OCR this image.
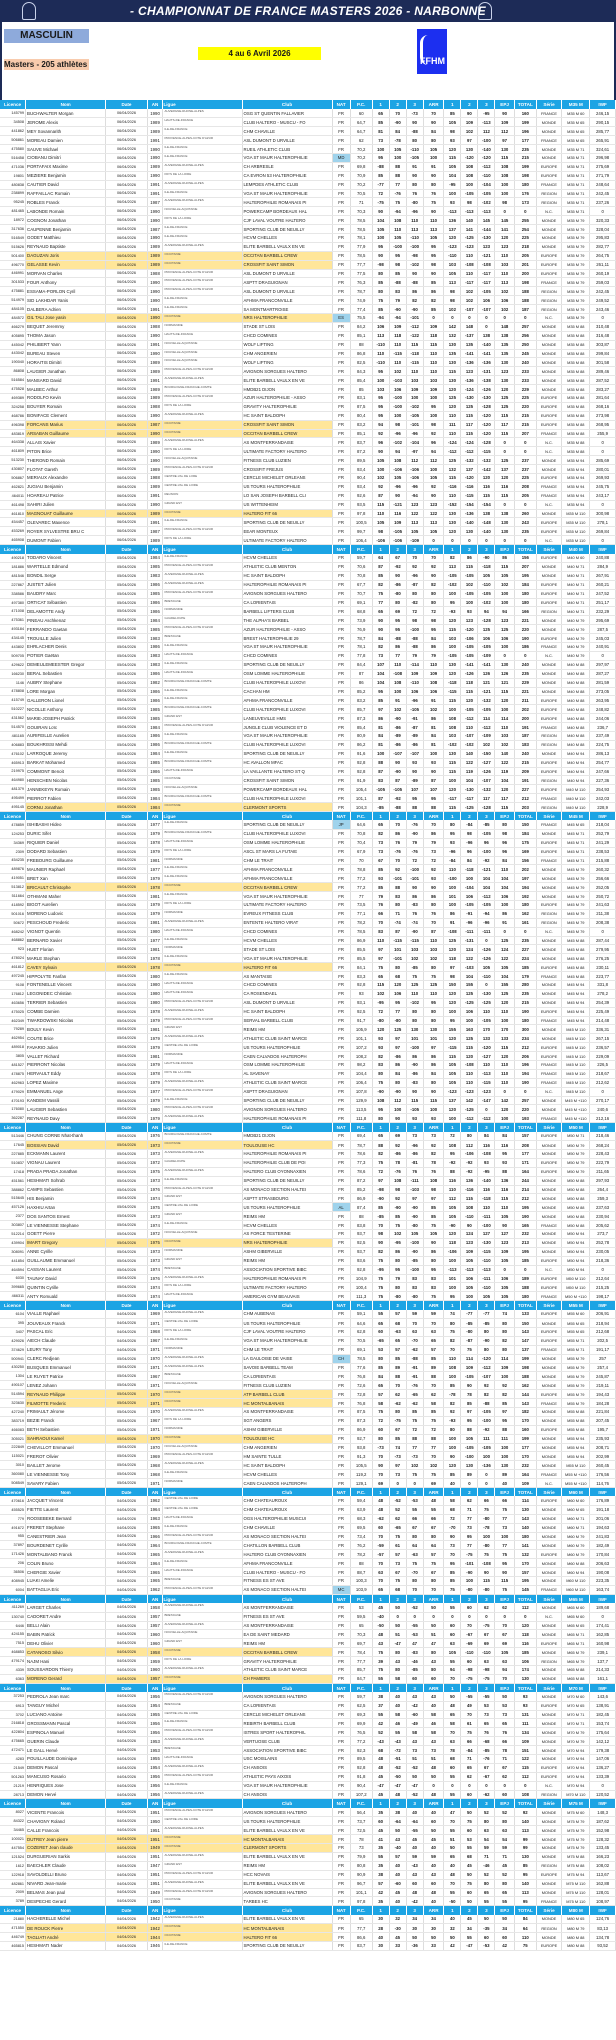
- CHAMPIONNAT DE FRANCE MASTERS 2026 - NARBONNE
MASCULIN
Masters - 205 athlètes
4 au 6 Avril 2026
FFHM
Licence	Nom	Date	AN	Ligue	Club	NAT	P.C.	1	2	3	ARR	1	2	3	EPJ	TOTAL	Série	M35 M	IWF
145799	BUCHWALTER Morgan	06/04/2026	1990	AUVERGNE-RHONE-ALPES	OSG ST QUENTIN FALLAVIER	FR	60	65	70	-73	70	85	90	-95	90	160	FRANCE	M35 M 60	246,15
34508	JEROME Alexis	06/04/2026	1989	HAUTS-DE-FRANCE	CLUB HALTERO - MUSCU - FO	FR	64,7	85	-90	90	90	105	109	-113	109	199	MONDE	M35 M 65	290,15
441862	MEY Sovannarith	06/04/2026	1989	ILE-DE-FRANCE	CHM CHAVILLE	FR	64,7	81	84	-88	84	98	102	112	112	196	MONDE	M35 M 65	285,77
506861	MOREAU Damien	06/04/2026	1991	PROVENCE-ALPES-COTE D'AZUR	ASL DUMONT D URVILLE	FR	62	73	-78	80	80	93	97	-100	97	177	FRANCE	M35 M 65	265,91
475580	SAUVE Michael	06/04/2026	1990	ILE-DE-FRANCE	RUEIL ATHLETIC CLUB	FR	70,2	100	105	-110	105	120	130	-140	130	235	MONDE	M35 M 71	324,61
516458	CIOBANU Dimitri	06/04/2026	1990	ILE-DE-FRANCE	VGA ST MAUR HALTEROPHILIE	MD	70,2	95	100	-105	100	115	-120	-120	115	215	MONDE	M35 M 71	296,98
471036	PORTAFAIX Maxime	06/04/2026	1989	AUVERGNE-RHONE-ALPES	CH ARBRESLE	FR	69,8	-88	88	91	91	105	108	-112	108	199	EUROPE	M35 M 71	275,69
19801	MEZIERE Benjamin	06/04/2026	1990	PAYS DE LA LOIRE	CA EVRON 53 HALTEROPHILIE	FR	70,9	85	88	90	90	104	108	-110	108	198	EUROPE	M35 M 71	271,79
480838	CAUTIER David	06/04/2026	1991	AUVERGNE-RHONE-ALPES	LEMPDES ATHLETIC CLUB	FR	70,2	-77	77	80	80	-95	100	-104	100	180	FRANCE	M35 M 71	248,64
238899	RAFFAILLAC Romain	06/04/2026	1991	ILE-DE-FRANCE	VGA ST MAUR HALTEROPHILIE	FR	70,5	72	-76	76	76	100	-105	-105	100	176	REGION	M35 M 71	242,45
95245	ROBLES Franck	06/04/2026	1987	AUVERGNE-RHONE-ALPES	HALTEROPHILIE ROMANAIS PI	FR	71	-75	75	-80	75	93	98	-102	98	173	REGION	M35 M 71	237,26
481465	LABONDE Romain	06/04/2026	1990	NOUVELLE-AQUITAINE	POWERCAMP BORDEAUX HAL	FR	70,3	90	-94	-96	90	-113	-113	-113	0	0	N.C.	M35 M 71	0
18972	COGNON Jonathan	06/04/2026	1990	PAYS DE LA LOIRE	CJF LAVAL VOUTRE HALTERO	FR	78,5	104	108	110	110	136	140	145	145	255	MONDE	M35 M 79	320,33
317636	CAUPENNE Benjamin	06/04/2026	1987	ILE-DE-FRANCE	SPORTING CLUB DE NEUILLY	FR	78,5	105	110	113	113	137	141	-144	141	254	MONDE	M35 M 79	328,04
516549	GODET Matthieu	06/04/2026	1990	ILE-DE-FRANCE	HCVM CHELLES	FR	78,1	100	105	-110	105	120	-125	-130	120	225	MONDE	M35 M 79	295,83
515626	REYNAUD Baptiste	06/04/2026	1989	AUVERGNE-RHONE-ALPES	ELITE BARBELL VAULX EN VE	FR	77,9	95	-100	-100	95	-123	-123	123	123	218	MONDE	M35 M 79	282,77
501400	DAGUZAN Joris	06/04/2026	1989	OCCITANIE	OCCITAN BARBELL CREW	FR	78,5	90	95	-98	95	-110	110	-121	110	205	EUROPE	M35 M 79	264,75
496770	GELASSE Kevin	06/04/2026	1989	OCCITANIE	CROSSFIT SAINT SIMON	FR	77,7	-98	98	-102	98	103	-108	-108	103	201	EUROPE	M35 M 79	261,11
446991	MORVAN Charles	06/04/2026	1988	PROVENCE-ALPES-COTE D'AZUR	ASL DUMONT D URVILLE	FR	77,5	80	85	90	90	105	110	-117	110	200	EUROPE	M35 M 79	260,19
301533	FOUR Anthony	06/04/2026	1990	PROVENCE-ALPES-COTE D'AZUR	ASPTT DRAGUIGNAN	FR	76,3	85	-88	-88	85	113	-117	-117	113	198	FRANCE	M35 M 79	259,03
475881	ESSAMA-PORLON Cyril	06/04/2026	1990	PROVENCE-ALPES-COTE D'AZUR	ASL DUMONT D URVILLE	FR	78,7	80	83	86	86	98	102	-105	102	188	REGION	M35 M 79	242,45
514979	SID LAKHDAR Yanis	06/04/2026	1990	ILE-DE-FRANCE	AFHMA FRANCONVILLE	FR	74,9	75	79	82	82	98	102	106	106	188	REGION	M35 M 79	249,52
484105	DALBERA Adrien	06/04/2026	1991	ILE-DE-FRANCE	SA MONTMARTROISE	FR	77,4	85	-90	-90	85	102	-107	-107	102	187	REGION	M35 M 79	243,46
484572	GIL TALI Jose yasin	06/04/2026	1990	OCCITANIE	NRS HALTEROPHILIE	ES	75,5	-94	-94	-101	0	0	0	0	0	0	N.C.	M35 M 79	0
466279	BEQUET Jeremmy	06/04/2026	1988	NORMANDIE	STADE ST LOIS	FR	84,2	106	109	-112	109	142	148	0	148	257	MONDE	M35 M 88	310,48
405895	THOMA Jason	06/04/2026	1990	HAUTS-DE-FRANCE	CHCD COMINES	FR	85,1	113	118	-122	118	132	-137	138	138	256	MONDE	M35 M 88	316,48
445042	PHILIBERT Yann	06/04/2026	1991	NOUVELLE-AQUITAINE	WOLF LIFTING	FR	88	-110	110	115	115	130	135	-140	135	250	MONDE	M35 M 88	303,87
443042	BUREAU Steven	06/04/2026	1990	NOUVELLE-AQUITAINE	CHM ANGERIEN	FR	86,8	110	-115	-118	110	135	-141	-141	135	245	MONDE	M35 M 88	299,84
190040	HORAITIS Dimitri	06/04/2026	1989	NOUVELLE-AQUITAINE	WOLF LIFTING	FR	82,5	-110	110	-115	110	130	-136	-136	130	240	MONDE	M35 M 88	301,58
86808	LAUGIER Jonathan	06/04/2026	1989	PROVENCE-ALPES-COTE D'AZUR	AVIGNON SORGUES HALTERO	FR	84,3	95	102	110	110	115	123	-131	123	233	MONDE	M35 M 88	289,46
516584	MANSARD David	06/04/2026	1991	AUVERGNE-RHONE-ALPES	ELITE BARBELL VAULX EN VE	FR	85,4	100	-103	103	103	130	-136	-138	130	233	MONDE	M35 M 88	287,52
475528	MALBEC Arthur	06/04/2026	1989	BOURGOGNE-FRANCHE-COMTE	HMDB21 DIJON	FR	85	103	106	109	109	120	-124	-126	120	229	MONDE	M35 M 88	283,27
469389	RODOLFO Kevin	06/04/2026	1989	PROVENCE-ALPES-COTE D'AZUR	AZUR HALTEROPHILIE - ASSO	FR	83,1	95	-100	100	100	125	-130	-130	125	225	EUROPE	M35 M 88	281,64
324258	BOUYER Romain	06/04/2026	1988	PAYS DE LA LOIRE	GRAVITY HALTEROPHILIE	FR	87,5	95	-100	-102	95	120	125	-128	125	220	EUROPE	M35 M 88	268,16
468786	BONIFACE Clement	06/04/2026	1990	AUVERGNE-RHONE-ALPES	HC SAINT BALDOPH	FR	80,4	95	100	-105	100	110	115	-120	115	215	EUROPE	M35 M 88	273,98
496398	FORCANS Marius	06/04/2026	1987	OCCITANIE	CROSSFIT SAINT SIMON	FR	83,2	94	98	-101	98	111	117	-120	117	215	EUROPE	M35 M 88	268,95
483819	ARSABAN Guillaume	06/04/2026	1990	OCCITANIE	OCCITAN BARBELL CREW	FR	85,1	92	-96	-96	92	110	115	-120	115	207	FRANCE	M35 M 88	255,9
464338	ALLAIS Xavier	06/04/2026	1989	AUVERGNE-RHONE-ALPES	AS MONTFERRANDAISE	FR	83,7	96	-102	-104	96	-124	-124	-128	0	0	N.C.	M35 M 88	0
461809	PITON Brice	06/04/2026	1990	PAYS DE LA LOIRE	ULTIMATE FACTORY HALTERO	FR	87,2	90	94	-97	94	-112	-112	-115	0	0	N.C.	M35 M 88	0
513230	THEROND Romain	06/04/2026	1990	NOUVELLE-AQUITAINE	FITNESS CLUB LUZIEN	FR	89,5	105	108	112	112	125	-132	-132	125	237	MONDE	M35 M 94	285,69
430807	FLOTAT Gareth	06/04/2026	1989	PROVENCE-ALPES-COTE D'AZUR	CROSSFIT FREJUS	FR	93,4	100	-106	-106	100	132	137	-142	137	237	MONDE	M35 M 94	280,01
506867	MERIAUX Alexandre	06/04/2026	1988	CENTRE-VAL DE LORE	CERCLE MICHELET ORLEANS	FR	90,4	102	105	-106	105	115	-120	120	120	225	EUROPE	M35 M 94	269,93
462821	JUGIAU Benjamin	06/04/2026	1989	CENTRE-VAL DE LOIRE	US TOURS HALTEROPHILIE	FR	93,4	92	-96	-96	92	-116	-116	116	116	208	FRANCE	M35 M 94	245,75
464011	HOAREAU Patrice	06/04/2026	1991	REUNION	LO SAN JOSEPH BARBELL CLI	FR	92,6	87	90	-94	90	110	-115	115	115	205	FRANCE	M35 M 94	243,17
461498	SAHIRI Julien	06/04/2026	1990	GRAND EST	US WITTENHEIM	FR	93,5	115	-121	123	123	-152	-154	-154	0	0	N.C.	M35 M 94	0
461810	MAGNOUAT Guillaume	06/04/2026	1989	OCCITANIE	HALTERO FIT 66	FR	97,8	110	116	122	122	130	-136	138	138	260	MONDE	M35 M 110	300,98
454457	OLEVAREC Maxence	06/04/2026	1991	ILE-DE-FRANCE	SPORTING CLUB DE NEUILLY	FR	100,5	105	109	113	113	130	-140	-148	130	243	EUROPE	M35 M 110	278,1
453269	ROYER SYLVESTRE BRU C	06/04/2026	1987	PROVENCE-ALPES-COTE D'AZUR	EEAR MONTEUX	FR	99,7	98	-105	105	105	120	130	-140	130	235	EUROPE	M35 M 110	269,84
465908	DUMONT Fabien	06/04/2026	1989	PAYS DE LA LOIRE	ULTIMATE FACTORY HALTERO	FR	106,4	-106	-106	-109	0	0	0	0	0	0	N.C.	M35 M 110	0
Licence	Nom	Date	AN	Ligue	Club	NAT	P.C.	1	2	3	ARR	1	2	3	EPJ	TOTAL	Série	M40 M	IWF
490218	TODARO Vincent	05/04/2026	1984	ILE-DE-FRANCE	HCVM CHELLES	FR	59,7	64	67	70	70	82	86	-90	86	156	EUROPE	M40 M 60	240,88
181886	WARTELLE Edmond	05/04/2026	1985	PROVENCE-ALPES-COTE D'AZUR	ATHLETIC CLUB MENTON	FR	70,6	87	-92	92	92	113	115	-118	115	207	MONDE	M40 M 71	284,9
481546	BONDIL Serge	05/04/2026	1983	AUVERGNE-RHONE-ALPES	HC SAINT BALDOPH	FR	70,8	85	90	-96	90	-105	-105	105	105	195	MONDE	M40 M 71	267,91
227867	JUSTET Julien	05/04/2026	1986	AUVERGNE-RHONE-ALPES	HALTEROPHILIE ROMANAIS PI	FR	67,7	82	-86	-87	82	-102	102	-110	102	184	EUROPE	M40 M 71	260,21
338586	BAUDRY Marc	05/04/2026	1985	PROVENCE-ALPES-COTE D'AZUR	AVIGNON SORGUES HALTERO	FR	70,7	75	-80	80	80	100	-105	-105	100	180	EUROPE	M40 M 71	247,52
497380	ORTICAT Sébastien	05/04/2026	1986	BRETAGNE	CA LORIENTAIS	FR	69,1	77	80	-82	80	95	100	-102	100	180	EUROPE	M40 M 71	251,17
471008	DELAMOTTE Andy	05/04/2026	1986	NORMANDIE	BARBELL LIFTERS CLUB	FR	68,8	65	69	72	72	-93	93	94	94	166	REGION	M40 M 71	232,29
475361	PINEAU Aschkenaz	05/04/2026	1984	GUADELOUPE	THE ALPHA'S BARBEL	FR	73,9	90	95	98	98	120	123	-128	123	221	MONDE	M40 M 79	295,69
493184	FERRANDO Gaetan	05/04/2026	1985	PROVENCE-ALPES-COTE D'AZUR	AZUR HALTEROPHILIE - ASSO	FR	76,9	90	95	-100	95	115	-120	125	125	220	MONDE	M40 M 79	287,5
434145	TROUILLE Julien	05/04/2026	1983	BRETAGNE	BREST HALTEROPHILIE 29	FR	78,7	84	-88	-88	84	103	-106	106	106	190	EUROPE	M40 M 79	245,03
443802	EHRLACHER Denis	05/04/2026	1986	ILE-DE-FRANCE	VGA ST MAUR HALTEROPHILIE	FR	78,1	82	86	-88	86	100	-105	-105	100	186	FRANCE	M40 M 79	240,91
509705	POTIER Gaëtan	05/04/2026	1983	HAUTS-DE-FRANCE	CHCD COMINES	FR	77,8	73	77	79	79	-105	-105	-109	0	0	N.C.	M40 M 79	0
429622	DEMEULEMEESTER Gregor	05/04/2026	1983	ILE-DE-FRANCE	SPORTING CLUB DE NEUILLY	FR	84,4	107	110	-114	110	130	-141	-141	130	240	MONDE	M40 M 88	297,97
166230	BERAL Sebastien	05/04/2026	1986	HAUTS-DE-FRANCE	OSM LOMME HALTEROPHILIE	FR	87	104	-108	109	109	120	-126	126	126	235	MONDE	M40 M 88	287,27
1146	AUBRY Stephane	05/04/2026	1982	BOURGOGNE-FRANCHE-COMTE	CLUB HALTEROPHILE LUXOVI	FR	86	104	108	-110	108	-118	118	121	121	229	MONDE	M40 M 88	281,59
478808	LORE Morgan	05/04/2026	1986	ILE-DE-FRANCE	CACHAN HM	FR	85,2	95	100	106	106	-115	115	-121	115	221	MONDE	M40 M 88	273,05
415749	GALLERON Lionel	05/04/2026	1986	ILE-DE-FRANCE	AFHMA FRANCONVILLE	FR	83,2	85	91	-96	91	115	120	-132	120	211	EUROPE	M40 M 88	263,95
510227	NICOLLE Anthony	05/04/2026	1985	BOURGOGNE-FRANCHE-COMTE	CLUB HALTEROPHILE LUXOVI	FR	85,7	97	102	-105	102	100	-105	-105	100	202	EUROPE	M40 M 88	248,82
431562	MARIE-JOSEPH Patrick	05/04/2026	1985	GRAND EST	LANEUVEVILLE HMS	FR	87,3	86	-90	-91	86	108	-112	114	114	200	EUROPE	M40 M 88	244,06
514570	GOUIRAN Loïc	05/04/2026	1984	PROVENCE-ALPES-COTE D'AZUR	JUNGLE CLUB VIOLENCE ET D	FR	85,4	81	-86	-87	81	108	110	-112	110	191	FRANCE	M40 M 88	236,7
481165	AURIFEILLE Aurelien	05/04/2026	1986	ILE-DE-FRANCE	VGA ST MAUR HALTEROPHILIE	FR	80,9	84	-89	-89	84	103	-107	-109	103	187	REGION	M40 M 88	237,49
406883	BOUKHRISSI Mehdi	05/04/2026	1986	BOURGOGNE-FRANCHE-COMTE	CLUB HALTEROPHILE LUXOVI	FR	86,2	81	-86	-86	81	-102	-102	102	102	183	REGION	M40 M 88	224,75
476102	LARROQUE Jeremy	05/04/2026	1984	ILE-DE-FRANCE	SPORTING CLUB DE NEUILLY	FR	91,6	100	-107	-107	100	130	140	-150	140	240	MONDE	M40 M 94	286,13
465913	BARKAT Mohamed	05/04/2026	1985	BOURGOGNE-FRANCHE-COMTE	HC AVALLON MFAC	FR	92,8	88	90	93	93	115	122	-127	122	215	EUROPE	M40 M 94	254,77
219975	COMMONT Benoit	05/04/2026	1986	HAUTS-DE-FRANCE	LA VAILLANTE HALTERO ST Q	FR	92,8	87	-90	90	90	115	119	-126	119	209	EUROPE	M40 M 94	247,66
464980	HENSCHEN Nicolas	05/04/2026	1985	OCCITANIE	CROSSFIT SAINT SIMON	FR	91,9	83	87	-89	87	100	104	-107	104	191	REGION	M40 M 94	227,36
481379	JANNEKEYN Romain	05/04/2026	1985	NOUVELLE-AQUITAINE	POWERCAMP BORDEAUX HAL	FR	105,4	-105	-105	107	107	120	-130	-132	120	227	EUROPE	M40 M 110	254,93
495499	PIERROT Fabien	05/04/2026	1984	BOURGOGNE-FRANCHE-COMTE	CLUB HALTEROPHILE LUXOVI	FR	101,1	87	-92	95	95	-117	-117	117	117	212	FRANCE	M40 M 110	242,03
495145	CORNU Jonathan	05/04/2026	1984	OCCITANIE	CLERMONT SPORTS	FR	104,3	-85	-88	88	88	115	-125	-128	115	203	REGION	M40 M 110	228,9
Licence	Nom	Date	AN	Ligue	Club	NAT	P.C.	1	2	3	ARR	1	2	3	EPJ	TOTAL	Série	M45 M	IWF
478859	ISHIBASHI Hideo	05/04/2026	1977	ILE-DE-FRANCE	SPORTING CLUB DE NEUILLY	JP	64,6	65	70	-76	70	80	-84	-85	80	150	FRANCE	M45 M 65	218,04
124253	DURIC Sifet	05/04/2026	1979	BOURGOGNE-FRANCHE-COMTE	CLUB HALTEROPHILE LUXOVI	FR	70,8	82	86	-90	86	95	98	-105	98	184	MONDE	M45 M 71	252,79
34369	RIQUIER Daniel	05/04/2026	1978	HAUTS-DE-FRANCE	OSM LOMME HALTEROPHILIE	FR	70,4	73	76	79	79	93	-96	96	96	175	EUROPE	M45 M 71	241,29
2309	DODARD Sebastien	05/04/2026	1979	PAYS DE LA LOIRE	ASCL ST MARS LA FUTAIE	FR	67,9	73	-76	-76	73	-96	96	-100	96	169	EUROPE	M45 M 71	238,53
454235	FREBOURG Guillaume	05/04/2026	1981	NORMANDIE	CHM LE TRAIT	FR	70	67	70	72	72	-84	84	-92	84	156	FRANCE	M45 M 71	215,88
489876	MAUNIER Raphaël	05/04/2026	1977	ILE-DE-FRANCE	AFHMA FRANCONVILLE	FR	78,8	85	92	-100	92	110	-118	-121	110	202	MONDE	M45 M 79	260,32
419051	BRET Xan	05/04/2026	1979	ILE-DE-FRANCE	AFHMA FRANCONVILLE	FR	77,2	93	-101	-101	93	-100	100	104	104	197	MONDE	M45 M 79	256,66
513812	BRICAULT Christophe	05/04/2026	1978	OCCITANIE	OCCITAN BARBELL CREW	FR	77,2	85	88	90	90	100	-104	104	104	194	MONDE	M45 M 79	252,05
511664	OTHMANI Maher	05/04/2026	1981	ILE-DE-FRANCE	VGA ST MAUR HALTEROPHILIE	FR	77	79	83	86	86	101	106	-112	106	192	MONDE	M45 M 79	250,72
418592	BIGOT Aurelien	05/04/2026	1979	PAYS DE LA LOIRE	ULTIMATE FACTORY HALTERO	FR	73,5	76	80	-83	80	100	-105	-105	100	180	EUROPE	M45 M 79	241,63
501016	MORENO Ludovic	05/04/2026	1979	NORMANDIE	EVREUX FITNESS CLUB	FR	77,1	66	71	76	76	86	-91	-94	86	162	REGION	M45 M 79	211,38
50672	PESCHOUD Frederic	05/04/2026	1981	AUVERGNE-RHONE-ALPES	ENTENTE HALTERO VIRAT	FR	78,2	70	-74	-74	70	91	-96	-96	91	161	REGION	M45 M 79	208,38
468242	VIGNOT Quentin	05/04/2026	1980	HAUTS-DE-FRANCE	CHCD COMINES	FR	78,5	83	87	-90	87	-108	-111	-111	0	0	N.C.	M45 M 79	0
468862	BERNARD Xavier	05/04/2026	1977	ILE-DE-FRANCE	HCVM CHELLES	FR	86,9	110	-115	-115	110	125	-131	0	125	235	MONDE	M45 M 88	287,44
923	HUET Florian	05/04/2026	1981	NORMANDIE	STADE ST LOIS	FR	85,5	97	101	103	103	120	124	-126	124	227	MONDE	M45 M 88	279,95
478024	MARLE Stephan	05/04/2026	1978	ILE-DE-FRANCE	VGA ST MAUR HALTEROPHILIE	FR	85,5	97	-101	102	102	118	122	-126	122	224	MONDE	M45 M 88	276,25
461812	CAVEY Sylvain	05/04/2026	1978	OCCITANIE	HALTERO FIT 66	FR	84,1	75	80	-85	80	97	-103	105	105	185	EUROPE	M45 M 88	230,11
497245	HIPPOLYTE Fanfan	05/04/2026	1980	ILE-DE-FRANCE	AS MANTAISE	FR	83,3	65	68	75	75	98	104	-110	104	179	FRANCE	M45 M 88	223,77
9108	FONTENELLE Vincent	05/04/2026	1980	HAUTS-DE-FRANCE	CHCD COMINES	FR	92,8	115	120	125	125	150	155	0	155	280	MONDE	M45 M 94	331,8
176812	LEGONIDEC Christian	05/04/2026	1980	HAUTS-DE-FRANCE	CA ROSENDAEL	FR	93	102	106	110	110	120	125	-130	125	235	MONDE	M45 M 94	278,2
463656	TERRIER Sebastien	05/04/2026	1980	PROVENCE-ALPES-COTE D'AZUR	ASL DUMONT D URVILLE	FR	93,1	-95	95	-102	95	120	-125	-125	120	215	MONDE	M45 M 94	254,39
475025	COMBE Damien	05/04/2026	1978	AUVERGNE-RHONE-ALPES	HC SAINT BALDOPH	FR	92,5	72	77	80	80	100	106	110	110	190	EUROPE	M45 M 94	225,49
462349	TWARDOWSKI Nicolas	05/04/2026	1979	PROVENCE-ALPES-COTE D'AZUR	SERVAL BARBELL CLUB	FR	91,7	-80	-80	80	80	95	100	-105	100	180	FRANCE	M45 M 94	214,48
79289	BOULY Kevin	05/04/2026	1981	GRAND EST	REIMS HM	FR	105,9	120	125	130	130	155	163	170	170	300	MONDE	M45 M 110	336,31
462954	COUTE Brice	05/04/2026	1979	AUVERGNE-RHONE-ALPES	ATHLETIC CLUB SAINT MARCE	FR	101,1	93	97	101	101	120	125	133	133	234	MONDE	M45 M 110	267,15
489018	FAVARIO Julien	05/04/2026	1979	CENTRE-VAL DE LOIRE	US TOURS HALTEROPHILIE	FR	107,2	93	97	-100	97	-115	115	-120	115	212	EUROPE	M45 M 110	236,57
3805	VALLET Richard	05/04/2026	1981	NORMANDIE	CAEN CALVADOS HALTEROPH	FR	108,2	82	-86	86	86	115	120	-127	120	206	EUROPE	M45 M 110	229,09
481527	PIERRONT Nicolas	05/04/2026	1979	HAUTS-DE-FRANCE	OSM LOMME HALTEROPHILIE	FR	98,2	83	86	-90	86	105	-108	110	110	196	FRANCE	M45 M 110	226,5
478875	HERVAULT Eddy	05/04/2026	1978	PAYS DE LA LOIRE	AL SAVENAY	FR	104,4	80	84	-86	84	105	110	-113	110	194	FRANCE	M45 M 110	218,67
462963	LOPEZ Maxime	05/04/2026	1979	AUVERGNE-RHONE-ALPES	ATHLETIC CLUB SAINT MARCE	FR	106,4	75	80	-83	80	105	110	-115	110	190	FRANCE	M45 M 110	212,62
479029	EMMANUEL Ange	05/04/2026	1977	PROVENCE-ALPES-COTE D'AZUR	ASPTT DRAGUIGNAN	FR	107,8	-90	-90	90	90	-123	-123	-123	0	0	N.C.	M45 M 110	0
470193	KANDEM Vassili	05/04/2026	1979	ILE-DE-FRANCE	SPORTING CLUB DE NEUILLY	FR	129,9	108	112	115	115	137	142	-147	142	257	MONDE	M45 M +110	270,17
176080	LAUGIER Sebastien	05/04/2026	1980	PROVENCE-ALPES-COTE D'AZUR	AVIGNON SORGUES HALTERO	FR	113,5	95	100	-105	100	120	-125	0	120	220	MONDE	M45 M +110	240,6
362287	REYNAUD Davy	05/04/2026	1979	AUVERGNE-RHONE-ALPES	HALTEROPHILIE ROMANAIS PI	FR	111,8	80	90	93	93	100	-112	-112	100	193	FRANCE	M45 M +110	212,16
Licence	Nom	Date	AN	Ligue	Club	NAT	P.C.	1	2	3	ARR	1	2	3	EPJ	TOTAL	Série	M50 M	IWF
513446	CHUNG CORNE Nhat-thanh	05/04/2026	1976	BOURGOGNE-FRANCHE-COMTE	HMDB21 DIJON	FR	69,4	65	69	73	73	72	80	84	84	157	EUROPE	M50 M 71	218,46
17645	BOSSIAN David	05/04/2026	1973	OCCITANIE	TOULOUSE HC	FR	78,7	88	92	-96	92	108	112	116	116	208	MONDE	M50 M 79	268,24
227885	ECKMANN Laurent	05/04/2026	1973	AUVERGNE-RHONE-ALPES	HALTEROPHILIE ROMANAIS PI	FR	78,6	82	-86	-86	82	95	-106	-108	95	177	MONDE	M50 M 79	228,43
510837	VIGNAU Laurent	05/04/2026	1972	GUADELOUPE	HALTEROPHILIE CLUB DE POI	FR	77,3	75	78	-81	78	-92	-92	93	93	171	EUROPE	M50 M 79	222,79
17418	PRADA PRADA Jonathan	05/04/2026	1975	AUVERGNE-RHONE-ALPES	HALTERO CLUB OYONNAXIEN	FR	78,6	72	-76	76	76	88	-92	-95	88	164	EUROPE	M50 M 79	211,65
451561	HESHMATI Sohrab	05/04/2026	1973	ILE-DE-FRANCE	SPORTING CLUB DE NEUILLY	FR	87,2	97	108	-111	108	116	136	-140	136	244	MONDE	M50 M 88	297,93
388862	CAMPS Sebastien	05/04/2026	1976	PROVENCE-ALPES-COTE D'AZUR	AS MONACO SECTION HALTEI	FR	85,2	-98	98	-103	98	110	-116	116	116	214	MONDE	M50 M 88	264,4
515645	HIS Benjamin	05/04/2026	1974	GRAND EST	ASPTT STRASBOURG	FR	86,9	-90	92	97	97	112	115	-118	115	212	MONDE	M50 M 88	259,3
457126	HAXHIU Artan	05/04/2026	1975	CENTRE-VAL DE LOIRE	US TOURS HALTEROPHILIE	AL	87,4	85	-90	-90	85	105	108	110	110	195	MONDE	M50 M 88	237,63
2377	DOS SANTOS Ernest	05/04/2026	1973	GRAND EST	REIMS HM	FR	88	-85	85	-90	85	105	-110	-111	105	190	MONDE	M50 M 88	230,94
303807	LE VIENNESSE Stephane	05/04/2026	1974	ILE-DE-FRANCE	HCVM CHELLES	FR	83,8	70	75	-80	75	-90	90	-100	90	165	FRANCE	M50 M 88	205,62
512214	GOETT Pierre	05/04/2026	1972	NOUVELLE-AQUITAINE	AS FORCE TESTERINE	FR	93,7	98	102	105	105	120	124	127	127	232	MONDE	M50 M 94	273,7
439904	IMART Gregory	05/04/2026	1975	OCCITANIE	NRS HALTEROPHILIE	FR	92,5	90	-95	-100	90	118	123	-130	123	213	MONDE	M50 M 94	252,78
308091	ANNE Cyrille	05/04/2026	1973	NORMANDIE	ASHM GIBERVILLE	FR	93,7	82	86	-90	86	-106	109	-115	109	195	MONDE	M50 M 94	230,05
441854	GUILLAUME Emmanuel	05/04/2026	1973	GRAND EST	REIMS HM	FR	93,6	75	80	-85	80	100	105	-110	105	185	EUROPE	M50 M 94	218,36
464594	CASSAN Laurent	05/04/2026	1974	BRETAGNE	ASSOCIATION SPORTIVE BIBC	FR	92,8	-95	95	-100	95	-113	-113	-113	0	0	N.C.	M50 M 94	0
6030	TAUNAY David	05/04/2026	1976	AUVERGNE-RHONE-ALPES	HALTEROPHILIE ROMANAIS PI	FR	104,9	75	79	83	83	101	106	-111	106	189	EUROPE	M50 M 110	212,64
399665	QUINTIN Cyrille	05/04/2026	1974	PAYS DE LA LOIRE	ULTIMATE FACTORY HALTERO	FR	100,4	75	80	83	83	100	105	-110	105	188	EUROPE	M50 M 110	215,25
466311	ANTY Romuald	05/04/2026	1974	HAUTS-DE-FRANCE	AMERICAN GYM BEAUVAIS	FR	111,3	75	-80	-80	75	95	100	105	105	180	FRANCE	M50 M +110	198,17
Licence	Nom	Date	AN	Ligue	Club	NAT	P.C.	1	2	3	ARR	1	2	3	EPJ	TOTAL	Série	M55 M	IWF
6104	VIALLE Raphael	04/04/2026	1969	AUVERGNE-RHONE-ALPES	CHM AUBENAS	FR	59,1	55	57	59	59	74	-77	-77	74	133	EUROPE	M55 M 60	206,91
395	JOUVEAUX Franck	04/04/2026	1971	CENTRE-VAL DE LOIRE	US TOURS HALTEROPHILIE	FR	64,6	65	68	70	70	80	-85	-85	80	150	MONDE	M55 M 65	218,94
3407	PASCAL Eric	04/04/2026	1968	PAYS DE LA LOIRE	CJF LAVAL VOUTRE HALTERO	FR	62,8	60	-63	63	63	75	-80	80	80	143	EUROPE	M55 M 65	212,68
429026	AIECH Claude	04/04/2026	1967	ILE-DE-FRANCE	VGA ST MAUR HALTEROPHILIE	FR	70,5	-65	65	-70	65	82	-87	-90	82	147	EUROPE	M55 M 71	202,5
374629	LEURY Tony	04/04/2026	1971	NORMANDIE	CHM LE TRAIT	FR	69,1	53	57	-62	57	70	75	80	80	137	FRANCE	M55 M 71	191,17
500941	CLERC Redjean	05/04/2026	1970	AUVERGNE-RHONE-ALPES	LA GAULOISE DE VAISE	CH	78,5	80	85	-88	85	110	114	-120	114	199	MONDE	M55 M 79	257
430250	BUSQUES Emmanuel	05/04/2026	1971	AUVERGNE-RHONE-ALPES	SAVOIE BARBELL TEAM	FR	77,6	85	89	-91	89	108	109	-112	109	198	MONDE	M55 M 79	257,4
1304	LE RUYET Patrice	05/04/2026	1967	BRETAGNE	CA LORIENTAIS	FR	76,8	84	88	-91	88	100	-105	-107	100	188	MONDE	M55 M 79	245,87
490107	LENEZ Johann	05/04/2026	1971	NOUVELLE-AQUITAINE	FITNESS CLUB LUZIEN	FR	72,6	65	70	-76	70	85	90	92	92	162	MONDE	M55 M 79	219,11
514594	REYNAUD Philippe	05/04/2026	1970	OCCITANIE	ATP BARBELL CLUB	FR	72,8	57	62	-65	62	-78	78	82	82	144	EUROPE	M55 M 79	194,43
323630	FILMOTTE Frederic	05/04/2026	1971	OCCITANIE	HC MONTALBANAIS	FR	76,8	58	-62	-62	58	82	85	-88	85	143	FRANCE	M55 M 79	184,28
427240	FRIMAULT Jérome	05/04/2026	1970	AUVERGNE-RHONE-ALPES	AS MONTFERRANDAISE	FR	87,5	75	80	85	85	92	97	-105	97	182	MONDE	M55 M 88	221,84
383719	BEZIE Franck	05/04/2026	1967	PAYS DE LA LOIRE	SGT ANGERS	FR	87,3	72	-75	75	75	-93	95	-100	95	170	MONDE	M55 M 88	207,45
466083	BETH Sebastien	05/04/2026	1971	NORMANDIE	ASHM GIBERVILLE	FR	86,9	60	67	72	72	80	88	-92	88	160	EUROPE	M55 M 88	195,7
305021	SAHRAOUI Kamel	05/04/2026	1970	OCCITANIE	TOULOUSE HC	FR	92,7	80	85	88	88	100	105	111	111	199	MONDE	M55 M 94	235,93
222849	CHEVILLOT Emmanuel	05/04/2026	1970	NOUVELLE-AQUITAINE	CHM ANGERIEN	FR	93,8	-73	74	77	77	100	-105	-105	100	177	MONDE	M55 M 94	208,71
115021	FREROT Olivier	05/04/2026	1969	PROVENCE-ALPES-COTE D'AZUR	HM SAINTE TULLE	FR	91,3	70	-73	-73	70	90	-100	100	100	170	MONDE	M55 M 94	202,99
3010	BAILLET Jerome	05/04/2026	1968	AUVERGNE-RHONE-ALPES	HC SAINT BALDOPH	FR	105,5	90	97	102	102	120	130	-136	130	232	MONDE	M55 M 110	260,45
360080	LE VIENNESSE Tony	05/04/2026	1968	ILE-DE-FRANCE	HCVM CHELLES	FR	119,2	70	73	75	75	85	89	0	89	164	FRANCE	M55 M +110	176,56
508549	SAVARY Fabien	05/04/2026	1971	NORMANDIE	CAEN CALVADOS HALTEROPH	FR	129,1	69	0	0	69	40	0	0	40	109	N.C.	M55 M +110	114,76
Licence	Nom	Date	AN	Ligue	Club	NAT	P.C.	1	2	3	ARR	1	2	3	EPJ	TOTAL	Série	M60 M	IWF
470616	JACQUET Vincent	04/04/2026	1962	CENTRE-VAL DE LOIRE	CHM CHATEAUROUX	FR	59,4	48	-52	-53	48	58	62	66	66	114	EUROPE	M60 M 60	176,89
455525	FIETTE Laurent	04/04/2026	1964	CENTRE-VAL DE LOIRE	CHM CHATEAUROUX	FR	63,9	48	52	55	55	68	71	75	75	130	MONDE	M60 M 65	191,18
779	ROOSEBEKE Bernard	04/04/2026	1963	HAUTS-DE-FRANCE	OGS HALTEROPHILIE MUSCUI	FR	68,3	-62	62	66	66	72	77	-80	77	143	MONDE	M60 M 71	201,06
491672	FRERET Stephane	04/04/2026	1965	ILE-DE-FRANCE	CHM CHAVILLE	FR	69,5	60	-65	67	67	-70	73	-78	73	140	MONDE	M60 M 71	194,63
955	CANESTRIER Jean	04/04/2026	1966	PROVENCE-ALPES-COTE D'AZUR	AS MONACO SECTION HALTEI	FR	73,4	70	75	80	80	90	95	100	100	180	MONDE	M60 M 79	241,83
37897	BOURDENET Cyrille	04/04/2026	1964	BOURGOGNE-FRANCHE-COMTE	CHATILLON BARBELL CLUB	FR	76,2	-59	61	64	64	73	77	-80	77	141	MONDE	M60 M 79	182,49
171426	MONTALBANO Franck	04/04/2026	1965	AUVERGNE-RHONE-ALPES	HALTERO CLUB OYONNAXIEN	FR	78,2	-57	57	-63	57	70	-75	75	75	132	EUROPE	M60 M 79	170,84
206	COLIN Bruno	04/04/2026	1964	ILE-DE-FRANCE	AFHMA FRANCONVILLE	FR	88	70	73	75	75	95	-101	-108	95	170	MONDE	M60 M 88	206,63
36506	CHERGIE Xavier	04/04/2026	1965	HAUTS-DE-FRANCE	CLUB HALTERO - MUSCU - FO	FR	88,7	63	67	-70	67	85	-90	90	90	157	MONDE	M60 M 94	190,08
408945	LUAKI Amelie	04/04/2026	1965	BRETAGNE	FITNESS ES ST AVE	FR	100,3	70	75	80	80	85	100	115	115	195	MONDE	M60 M 110	223,35
6004	BATTAGLIA Eric	04/04/2026	1962	PROVENCE-ALPES-COTE D'AZUR	AS MONACO SECTION HALTEI	MC	103,9	65	68	70	70	75	-80	-80	75	145	FRANCE	M60 M 110	163,74
Licence	Nom	Date	AN	Ligue	Club	NAT	P.C.	1	2	3	ARR	1	2	3	EPJ	TOTAL	Série	M65 M	IWF
411269	LARGET Charles	04/04/2026	1958	AUVERGNE-RHONE-ALPES	AS MONTFERRANDAISE	FR	53	45	50	-52	50	55	60	62	62	112	MONDE	M65 M 60	189,68
130740	CADORET Andre	04/04/2026	1957	BRETAGNE	FITNESS ES ST AVE	FR	59,5	-40	0	0	0	0	0	0	0	0	N.C.	M65 M 60	0
6446	BELLI Alain	04/04/2026	1957	AUVERGNE-RHONE-ALPES	AS MONTFERRANDAISE	FR	65	-50	50	-55	50	60	70	-75	70	120	MONDE	M65 M 65	174,41
424155	BABIN Patrick	04/04/2026	1960	NOUVELLE-AQUITAINE	EA DE SAINT MEDARD	FR	70,3	48	51	-53	51	60	-67	67	67	118	MONDE	M65 M 71	162,85
7515	DEHU Olivier	04/04/2026	1960	GRAND EST	REIMS HM	FR	69,7	43	-47	47	47	63	-69	69	69	116	EUROPE	M65 M 71	160,98
468853	CATANOSO Silvio	04/04/2026	1958	OCCITANIE	OCCITAN BARBELL CREW	FR	78,4	75	80	-83	80	105	-110	-110	105	185	MONDE	M65 M 79	239,1
479174	NAJM Hani	04/04/2026	1959	PAYS DE LA LOIRE	GRAVITY HALTEROPHILIE	FR	77,7	39	43	-46	43	55	60	63	63	106	REGION	M65 M 79	137,7
4339	SOUSSARDON Thierry	04/04/2026	1960	AUVERGNE-RHONE-ALPES	ATHLETIC CLUB SAINT MARCE	FR	85,7	75	80	-85	80	94	-98	-98	94	174	MONDE	M65 M 88	214,33
6363	MORENO Gerard	04/04/2026	1957	OCCITANIE	CH PAMIERS	FR	84,7	55	58	60	60	70	-75	-75	70	130	MONDE	M65 M 88	161,1
Licence	Nom	Date	AN	Ligue	Club	NAT	P.C.	1	2	3	ARR	1	2	3	EPJ	TOTAL	Série	M70 M	IWF
37253	PEDROLA Jean marc	04/04/2026	1956	PROVENCE-ALPES-COTE D'AZUR	AVIGNON SORGUES HALTERO	FR	59,7	38	40	43	43	50	-55	-55	50	93	MONDE	M70 M 60	143,6
6913	TANGUY Michel	04/04/2026	1954	BRETAGNE	CA LORIENTAIS	FR	62,5	37	40	-42	40	48	49	53	53	93	EUROPE	M70 M 65	138,91
3702	LUCIANO Antoine	04/04/2026	1955	CENTRE-VAL DE LOIRE	CERCLE MICHELET ORLEANS	FR	69,3	55	58	-60	58	65	70	73	73	131	MONDE	M70 M 71	182,45
216818	GROSSMANN Pascal	04/04/2026	1956	ILE-DE-FRANCE	REBIRTH BARBELL CLUB	FR	69,9	42	46	-49	46	58	61	65	65	111	MONDE	M70 M 71	153,74
422804	ESPINOLA Manuel	04/04/2026	1956	PROVENCE-ALPES-COTE D'AZUR	ISTRES SPORT HALTEROPHIL	FR	76,5	52	55	58	58	70	75	76	76	134	MONDE	M70 M 79	175,64
475665	GUERIN Claude	04/04/2026	1953	AUVERGNE-RHONE-ALPES	VERTUOSE CLUB	FR	77,2	-43	-43	43	43	63	66	-68	66	109	MONDE	M70 M 79	142,12
472471	LE GALL Hervé	04/04/2026	1953	BRETAGNE	ASSOCIATION SPORTIVE BIBC	FR	92,3	68	-72	73	73	78	-84	-85	78	151	MONDE	M70 M 94	179,38
4283	POUILLAUDE Dominique	04/04/2026	1955	HAUTS-DE-FRANCE	USC MOISLAINS	FR	89,5	48	-51	51	51	68	71	-76	71	122	MONDE	M70 M 94	147,06
21549	DEMON Pascal	04/04/2026	1954	AUVERGNE-RHONE-ALPES	CH ANSOIS	FR	92,8	48	-52	-52	48	60	65	67	67	115	EUROPE	M70 M 94	136,27
501263	MANCUSO Rosario	04/04/2026	1956	PROVENCE-ALPES-COTE D'AZUR	ATHLETIC PAYS AIXOIS	FR	91,8	45	-50	50	50	55	62	-67	62	112	EUROPE	M70 M 94	133,39
21219	HENRIQUES Jose	04/04/2026	1956	ILE-DE-FRANCE	VGA ST MAUR HALTEROPHILIE	FR	90,4	-47	-47	-47	0	0	0	0	0	0	N.C.	M70 M 94	0
28713	DEMON Hervé	04/04/2026	1956	AUVERGNE-RHONE-ALPES	CH ANSOIS	FR	107,2	45	48	-52	48	55	60	-62	60	108	REGION	M70 M 110	120,52
Licence	Nom	Date	AN	Ligue	Club	NAT	P.C.	1	2	3	ARR	1	2	3	EPJ	TOTAL	Série	M75 M	IWF
8027	VICENTE Francois	04/04/2026	1951	PROVENCE-ALPES-COTE D'AZUR	AVIGNON SORGUES HALTERO	FR	56,4	35	38	40	40	47	50	52	52	92	MONDE	M75 M 60	148,3
84322	CHAVIGNY Roland	04/04/2026	1950	CENTRE-VAL DE LOIRE	US TOURS HALTEROPHILIE	FR	73,7	60	-64	-64	60	70	75	80	80	140	MONDE	M75 M 79	187,62
34465	CALLE Francois	04/04/2026	1951	AUVERGNE-RHONE-ALPES	ELITE BARBELL VAULX EN VE	FR	72,5	45	50	-55	50	55	60	63	63	113	MONDE	M75 M 79	152,98
100021	DUTREY Jean pierre	04/04/2026	1951	OCCITANIE	HC MONTALBANAIS	FR	78	41	43	45	45	51	53	54	54	99	MONDE	M75 M 79	128,32
447554	COZERET Jean claude	04/04/2026	1949	OCCITANIE	CLERMONT SPORTS	FR	73	35	-40	40	40	50	55	59	59	99	MONDE	M75 M 79	133,45
121524	DURGUERIAN Sarkis	04/04/2026	1951	AUVERGNE-RHONE-ALPES	ELITE BARBELL VAULX EN VE	FR	79,9	55	57	59	59	65	68	71	71	130	MONDE	M75 M 88	166,23
1612	BAECHLER Claude	04/04/2026	1947	GRAND EST	REIMS HM	FR	80,8	35	40	-43	40	40	45	-46	45	85	REGION	M75 M 88	108,02
122918	SAVOLDELLI Bruno	04/04/2026	1951	PROVENCE-ALPES-COTE D'AZUR	HCC NOVAIS	FR	90,9	38	40	43	43	48	50	52	52	95	EUROPE	M75 M 94	113,67
482861	NIVARD Jean-marie	04/04/2026	1951	AUVERGNE-RHONE-ALPES	ELITE BARBELL VAULX EN VE	FR	96,7	57	-60	60	60	70	75	80	80	140	MONDE	M75 M 110	162,88
2009	BELMAS Jean paul	04/04/2026	1949	PROVENCE-ALPES-COTE D'AZUR	AVIGNON SORGUES HALTERO	FR	101,1	42	45	48	48	55	60	65	65	113	MONDE	M75 M 110	128,01
3789	DESPECHE Gerard	04/04/2026	1950	OCCITANIE	TARBES HC	FR	97,8	35	40	-42	40	-50	50	55	55	95	FRANCE	M75 M 110	108,97
Licence	Nom	Date	AN	Ligue	Club	NAT	P.C.	1	2	3	ARR	1	2	3	EPJ	TOTAL	Série	M80 M	IWF
21880	HACHERELLE Michel	04/04/2026	1942	AUVERGNE-RHONE-ALPES	ELITE BARBELL VAULX EN VE	FR	65	30	32	34	34	40	45	50	50	84	MONDE	M80 M 65	124,76
471550	DE ROUCK Pierre	04/04/2026	1942	OCCITANIE	HC MONTALBANAIS	FR	77,7	28	-30	30	30	32	34	-35	34	64	REGION	M80 M 79	83,13
446749	TAGLIATI André	04/04/2026	1944	OCCITANIE	HALTERO FIT 66	FR	86,6	40	45	50	50	50	55	60	60	110	MONDE	M80 M 88	134,78
465815	HESHMATI Nader	04/04/2026	1946	ILE-DE-FRANCE	SPORTING CLUB DE NEUILLY	FR	83,7	30	33	-36	33	42	-47	-53	42	75	EUROPE	M80 M 88	93,52
